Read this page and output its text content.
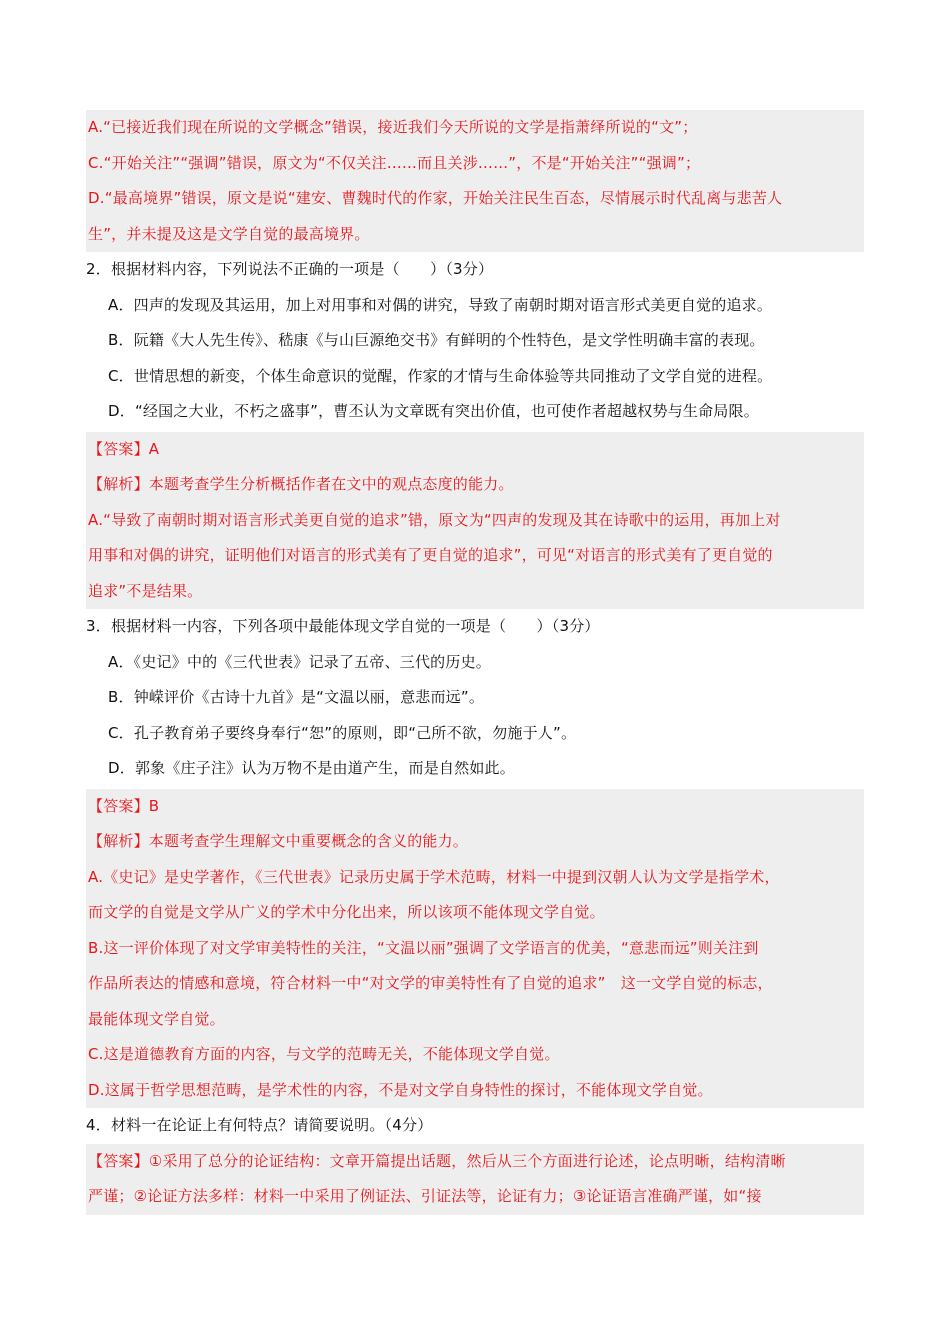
A.“已接近我们现在所说的文学概念”错误，接近我们今天所说的文学是指萧绎所说的“文”；

C.“开始关注”“强调”错误，原文为“不仅关注……而且关涉……”，不是“开始关注”“强调”；

D.“最高境界”错误，原文是说“建安、曹魏时代的作家，开始关注民生百态，尽情展示时代乱离与悲苦人

生”，并未提及这是文学自觉的最高境界。

2．根据材料内容，下列说法不正确的一项是（　　）（3分）

A．四声的发现及其运用，加上对用事和对偶的讲究，导致了南朝时期对语言形式美更自觉的追求。

B．阮籍《大人先生传》、嵇康《与山巨源绝交书》有鲜明的个性特色，是文学性明确丰富的表现。

C．世情思想的新变，个体生命意识的觉醒，作家的才情与生命体验等共同推动了文学自觉的进程。

D．“经国之大业，不朽之盛事”，曹丕认为文章既有突出价值，也可使作者超越权势与生命局限。

【答案】A

【解析】本题考查学生分析概括作者在文中的观点态度的能力。

A.“导致了南朝时期对语言形式美更自觉的追求”错，原文为“四声的发现及其在诗歌中的运用，再加上对

用事和对偶的讲究，证明他们对语言的形式美有了更自觉的追求”，可见“对语言的形式美有了更自觉的

追求”不是结果。

3．根据材料一内容，下列各项中最能体现文学自觉的一项是（　　）（3分）

A．《史记》中的《三代世表》记录了五帝、三代的历史。

B．钟嵘评价《古诗十九首》是“文温以丽，意悲而远”。

C．孔子教育弟子要终身奉行“恕”的原则，即“己所不欲，勿施于人”。

D．郭象《庄子注》认为万物不是由道产生，而是自然如此。

【答案】B

【解析】本题考查学生理解文中重要概念的含义的能力。

A.《史记》是史学著作，《三代世表》记录历史属于学术范畴，材料一中提到汉朝人认为文学是指学术，

而文学的自觉是文学从广义的学术中分化出来，所以该项不能体现文学自觉。

B.这一评价体现了对文学审美特性的关注，“文温以丽”强调了文学语言的优美，“意悲而远”则关注到

作品所表达的情感和意境，符合材料一中“对文学的审美特性有了自觉的追求”　这一文学自觉的标志，

最能体现文学自觉。

C.这是道德教育方面的内容，与文学的范畴无关，不能体现文学自觉。

D.这属于哲学思想范畴，是学术性的内容，不是对文学自身特性的探讨，不能体现文学自觉。

4．材料一在论证上有何特点？请简要说明。（4分）

【答案】①采用了总分的论证结构：文章开篇提出话题，然后从三个方面进行论述，论点明晰，结构清晰

严谨；②论证方法多样：材料一中采用了例证法、引证法等，论证有力；③论证语言准确严谨，如“接
